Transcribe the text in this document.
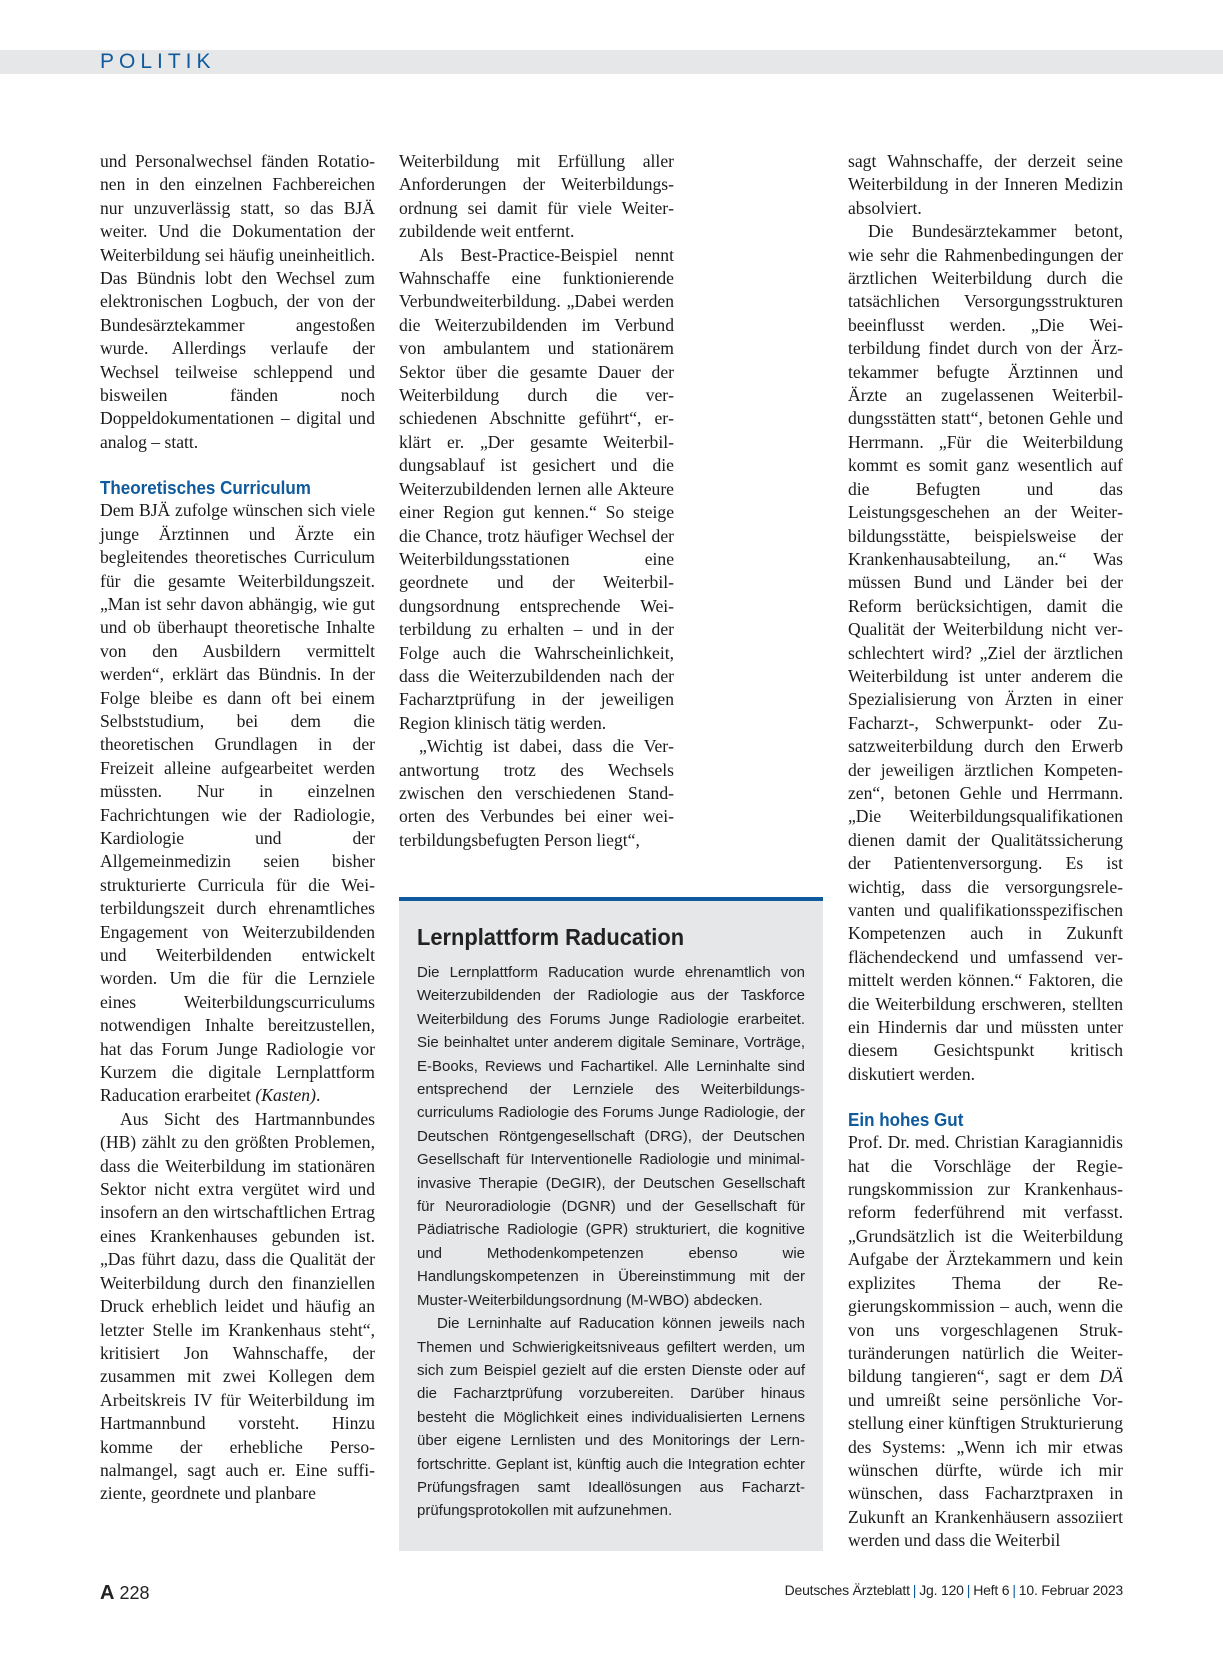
POLITIK

und Personalwechsel fänden Rotationen in den einzelnen Fachbereichen nur unzuverlässig statt, so das BJÄ weiter. Und die Dokumentation der Weiterbildung sei häufig uneinheitlich. Das Bündnis lobt den Wechsel zum elektronischen Logbuch, der von der Bundesärztekammer angestoßen wurde. Allerdings verlaufe der Wechsel teilweise schleppend und bisweilen fänden noch Doppeldokumentationen – digital und analog – statt.

Theoretisches Curriculum

Dem BJÄ zufolge wünschen sich viele junge Ärztinnen und Ärzte ein begleitendes theoretisches Curriculum für die gesamte Weiterbildungszeit. „Man ist sehr davon abhängig, wie gut und ob überhaupt theoretische Inhalte von den Ausbildern vermittelt werden“, erklärt das Bündnis. In der Folge bleibe es dann oft bei einem Selbststudium, bei dem die theoretischen Grundlagen in der Freizeit alleine aufgearbeitet werden müssten. Nur in einzelnen Fachrichtungen wie der Radiologie, Kardiologie und der Allgemeinmedizin seien bisher strukturierte Curricula für die Weiterbildungszeit durch ehrenamtliches Engagement von Weiterzubildenden und Weiterbildenden entwickelt worden. Um die für die Lernziele eines Weiterbildungscurriculums notwendigen Inhalte bereitzustellen, hat das Forum Junge Radiologie vor Kurzem die digitale Lernplattform Raducation erarbeitet (Kasten).

Aus Sicht des Hartmannbundes (HB) zählt zu den größten Problemen, dass die Weiterbildung im stationären Sektor nicht extra vergütet wird und insofern an den wirtschaftlichen Ertrag eines Krankenhauses gebunden ist. „Das führt dazu, dass die Qualität der Weiterbildung durch den finanziellen Druck erheblich leidet und häufig an letzter Stelle im Krankenhaus steht“, kritisiert Jon Wahnschaffe, der zusammen mit zwei Kollegen dem Arbeitskreis IV für Weiterbildung im Hartmannbund vorsteht. Hinzu komme der erhebliche Personalmangel, sagt auch er. Eine suffiziente, geordnete und planbare

Weiterbildung mit Erfüllung aller Anforderungen der Weiterbildungsordnung sei damit für viele Weiterzubildende weit entfernt.

Als Best-Practice-Beispiel nennt Wahnschaffe eine funktionierende Verbundweiterbildung. „Dabei werden die Weiterzubildenden im Verbund von ambulantem und stationärem Sektor über die gesamte Dauer der Weiterbildung durch die verschiedenen Abschnitte geführt“, erklärt er. „Der gesamte Weiterbildungsablauf ist gesichert und die Weiterzubildenden lernen alle Akteure einer Region gut kennen.“ So steige die Chance, trotz häufiger Wechsel der Weiterbildungsstationen eine geordnete und der Weiterbildungsordnung entsprechende Weiterbildung zu erhalten – und in der Folge auch die Wahrscheinlichkeit, dass die Weiterzubildenden nach der Facharztprüfung in der jeweiligen Region klinisch tätig werden.

„Wichtig ist dabei, dass die Verantwortung trotz des Wechsels zwischen den verschiedenen Standorten des Verbundes bei einer weiterbildungsbefugten Person liegt“,

Lernplattform Raducation

Die Lernplattform Raducation wurde ehrenamtlich von Weiterzubildenden der Radiologie aus der Taskforce Weiterbildung des Forums Junge Radiologie erarbeitet. Sie beinhaltet unter anderem digitale Seminare, Vorträge, E-Books, Reviews und Fachartikel. Alle Lerninhalte sind entsprechend der Lernziele des Weiterbildungscurriculums Radiologie des Forums Junge Radiologie, der Deutschen Röntgengesellschaft (DRG), der Deutschen Gesellschaft für Interventionelle Radiologie und minimal-invasive Therapie (DeGIR), der Deutschen Gesellschaft für Neuroradiologie (DGNR) und der Gesellschaft für Pädiatrische Radiologie (GPR) strukturiert, die kognitive und Methodenkompetenzen ebenso wie Handlungskompetenzen in Übereinstimmung mit der Muster-Weiterbildungsordnung (M-WBO) abdecken.

Die Lerninhalte auf Raducation können jeweils nach Themen und Schwierigkeitsniveaus gefiltert werden, um sich zum Beispiel gezielt auf die ersten Dienste oder auf die Facharztprüfung vorzubereiten. Darüber hinaus besteht die Möglichkeit eines individualisierten Lernens über eigene Lernlisten und des Monitorings der Lernfortschritte. Geplant ist, künftig auch die Integration echter Prüfungsfragen samt Ideallösungen aus Facharztprüfungsprotokollen mit aufzunehmen.

sagt Wahnschaffe, der derzeit seine Weiterbildung in der Inneren Medizin absolviert.

Die Bundesärztekammer betont, wie sehr die Rahmenbedingungen der ärztlichen Weiterbildung durch die tatsächlichen Versorgungsstrukturen beeinflusst werden. „Die Weiterbildung findet durch von der Ärztekammer befugte Ärztinnen und Ärzte an zugelassenen Weiterbildungsstätten statt“, betonen Gehle und Herrmann. „Für die Weiterbildung kommt es somit ganz wesentlich auf die Befugten und das Leistungsgeschehen an der Weiterbildungsstätte, beispielsweise der Krankenhausabteilung, an.“ Was müssen Bund und Länder bei der Reform berücksichtigen, damit die Qualität der Weiterbildung nicht verschlechtert wird? „Ziel der ärztlichen Weiterbildung ist unter anderem die Spezialisierung von Ärzten in einer Facharzt-, Schwerpunkt- oder Zusatzweiterbildung durch den Erwerb der jeweiligen ärztlichen Kompetenzen“, betonen Gehle und Herrmann. „Die Weiterbildungsqualifikationen dienen damit der Qualitätssicherung der Patientenversorgung. Es ist wichtig, dass die versorgungsrelevanten und qualifikationsspezifischen Kompetenzen auch in Zukunft flächendeckend und umfassend vermittelt werden können.“ Faktoren, die die Weiterbildung erschweren, stellten ein Hindernis dar und müssten unter diesem Gesichtspunkt kritisch diskutiert werden.

Ein hohes Gut

Prof. Dr. med. Christian Karagiannidis hat die Vorschläge der Regierungskommission zur Krankenhausreform federführend mit verfasst. „Grundsätzlich ist die Weiterbildung Aufgabe der Ärztekammern und kein explizites Thema der Regierungskommission – auch, wenn die von uns vorgeschlagenen Strukturänderungen natürlich die Weiterbildung tangieren“, sagt er dem DÄ und umreißt seine persönliche Vorstellung einer künftigen Strukturierung des Systems: „Wenn ich mir etwas wünschen dürfte, würde ich mir wünschen, dass Facharztpraxen in Zukunft an Krankenhäusern assoziiert werden und dass die Weiterbil

A 228	Deutsches Ärzteblatt | Jg. 120 | Heft 6 | 10. Februar 2023
